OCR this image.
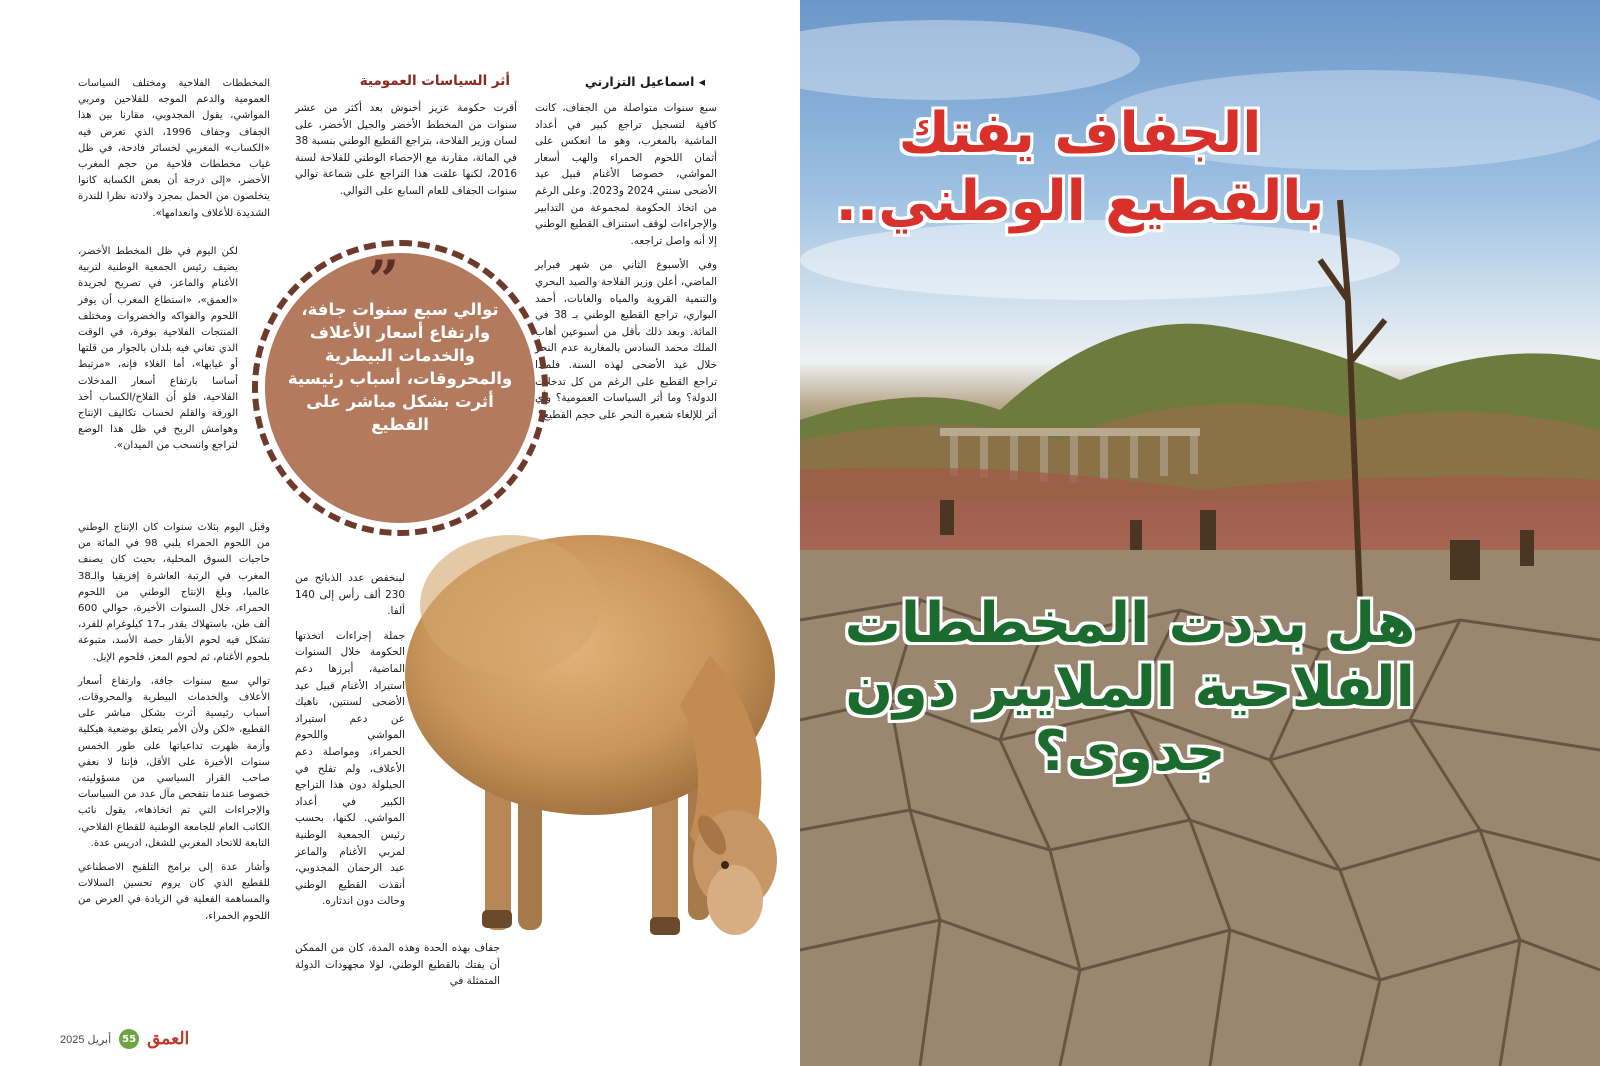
◂ اسماعيل التزارني
أثر السياسات العمومية

سبع سنوات متواصلة من الجفاف، كانت كافية لتسجيل تراجع كبير في أعداد الماشية بالمغرب، وهو ما انعكس على أثمان اللحوم الحمراء والهب أسعار المواشي، خصوصا الأغنام قبيل عيد الأضحى سنتي 2024 و2023. وعلى الرغم من اتخاذ الحكومة لمجموعة من التدابير والإجراءات لوقف استنزاف القطيع الوطني إلا أنه واصل تراجعه.

وفي الأسبوع الثاني من شهر فبراير الماضي، أعلن وزير الفلاحة والصيد البحري والتنمية القروية والمياه والغابات، أحمد البواري، تراجع القطيع الوطني بـ 38 في المائة. وبعد ذلك بأقل من أسبوعين أهاب الملك محمد السادس بالمغاربة عدم النحر خلال عيد الأضحى لهذه السنة. فلماذا تراجع القطيع على الرغم من كل تدخلات الدولة؟ وما أثر السياسات العمومية؟ وأي أثر للإلغاء شعيرة النحر على حجم القطيع؟

أقرت حكومة عزيز أخنوش بعد أكثر من عشر سنوات من المخطط الأخضر والجيل الأخضر، على لسان وزير الفلاحة، بتراجع القطيع الوطني بنسبة 38 في المائة، مقارنة مع الإحصاء الوطني للفلاحة لسنة 2016، لكنها علقت هذا التراجع على شماعة توالي سنوات الجفاف للعام السابع على التوالي.

لينخفض عدد الذبائح من 230 ألف رأس إلى 140 ألفا.

جملة إجراءات اتخذتها الحكومة خلال السنوات الماضية، أبرزها دعم استيراد الأغنام قبيل عيد الأضحى لسنتين، ناهيك عن دعم استيراد المواشي واللحوم الحمراء، ومواصلة دعم الأعلاف، ولم تفلح في الحيلولة دون هذا التراجع الكبير في أعداد المواشي. لكنها، بحسب رئيس الجمعية الوطنية لمربي الأغنام والماعز عبد الرحمان المجدوبي، أنقذت القطيع الوطني وحالت دون اندثاره.

جفاف بهذه الحدة وهذه المدة، كان من الممكن أن يفتك بالقطيع الوطني، لولا مجهودات الدولة المتمثلة في

المخططات الفلاحية ومختلف السياسات العمومية والدعم الموجه للفلاحين ومربي المواشي، يقول المجدوبي، مقارنا بين هذا الجفاف وجفاف 1996، الذي تعرض فيه «الكساب» المغربي لخسائر فادحة، في ظل غياب مخططات فلاحية من حجم المغرب الأخضر، «إلى درجة أن بعض الكسابة كانوا يتخلصون من الحمل بمجرد ولادته نظرا للندرة الشديدة للأعلاف وانعدامها».

لكن اليوم في ظل المخطط الأخضر، يضيف رئيس الجمعية الوطنية لتربية الأغنام والماعز، في تصريح لجريدة «العمق»، «استطاع المغرب أن يوفر اللحوم والفواكه والخضروات ومختلف المنتجات الفلاحية بوفرة، في الوقت الذي تعاني فيه بلدان بالجوار من قلتها أو غيابها»، أما الغلاء فإنه، «مرتبط أساسا بارتفاع أسعار المدخلات الفلاحية، فلو أن الفلاح/الكساب أخذ الورقة والقلم لحساب تكاليف الإنتاج وهوامش الربح في ظل هذا الوضع لتراجع وانسحب من الميدان».

وقبل اليوم بثلاث سنوات كان الإنتاج الوطني من اللحوم الحمراء يلبي 98 في المائة من حاجيات السوق المحلية، بحيث كان يصنف المغرب في الرتبة العاشرة إفريقيا والـ38 عالميا، وبلغ الإنتاج الوطني من اللحوم الحمراء، خلال السنوات الأخيرة، حوالي 600 ألف طن، باستهلاك يقدر بـ17 كيلوغرام للفرد، تشكل فيه لحوم الأبقار حصة الأسد، متبوعة بلحوم الأغنام، ثم لحوم المعز، فلحوم الإبل.

توالي سبع سنوات جافة، وارتفاع أسعار الأعلاف والخدمات البيطرية والمحروقات، أسباب رئيسية أثرت بشكل مباشر على القطيع، «لكن ولأن الأمر يتعلق بوضعية هيكلية وأزمة ظهرت تداعياتها على طور الخمس سنوات الأخيرة على الأقل، فإننا لا نعفي صاحب القرار السياسي من مسؤوليته، خصوصا عندما نتفحص مآل عدد من السياسات والإجراءات التي تم اتخاذها»، يقول نائب الكاتب العام للجامعة الوطنية للقطاع الفلاحي، التابعة للاتحاد المغربي للشغل، ادريس عدة.

وأشار عدة إلى برامج التلقيح الاصطناعي للقطيع الذي كان يروم تحسين السلالات والمساهمة الفعلية في الزيادة في العرض من اللحوم الحمراء،

”
توالي سبع سنوات جافة، وارتفاع أسعار الأعلاف والخدمات البيطرية والمحروقات، أسباب رئيسية أثرت بشكل مباشر على القطيع
أبريل 2025	55 العمق
الجفاف يفتك بالقطيع الوطني..
هل بددت المخططات الفلاحية الملايير دون جدوى؟
